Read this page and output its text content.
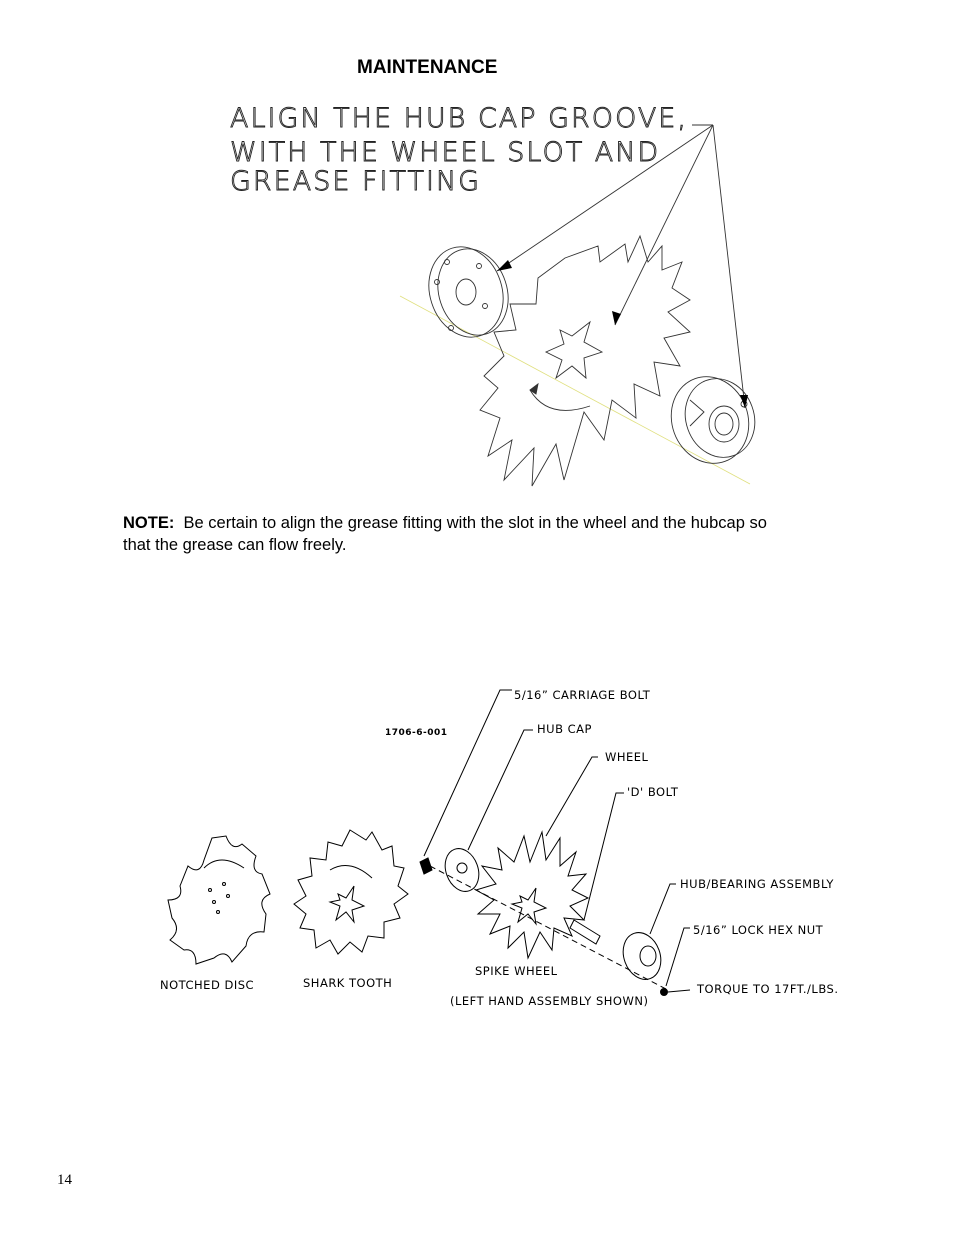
MAINTENANCE
ALIGN THE HUB CAP GROOVE,
WITH THE WHEEL SLOT AND
GREASE FITTING
NOTE: Be certain to align the grease fitting with the slot in the wheel and the hubcap so that the grease can flow freely.
1706-6-001
5/16” CARRIAGE BOLT
HUB CAP
WHEEL
'D' BOLT
HUB/BEARING ASSEMBLY
5/16” LOCK HEX NUT
TORQUE TO 17FT./LBS.
SPIKE WHEEL
(LEFT HAND ASSEMBLY SHOWN)
NOTCHED DISC	SHARK TOOTH
14
